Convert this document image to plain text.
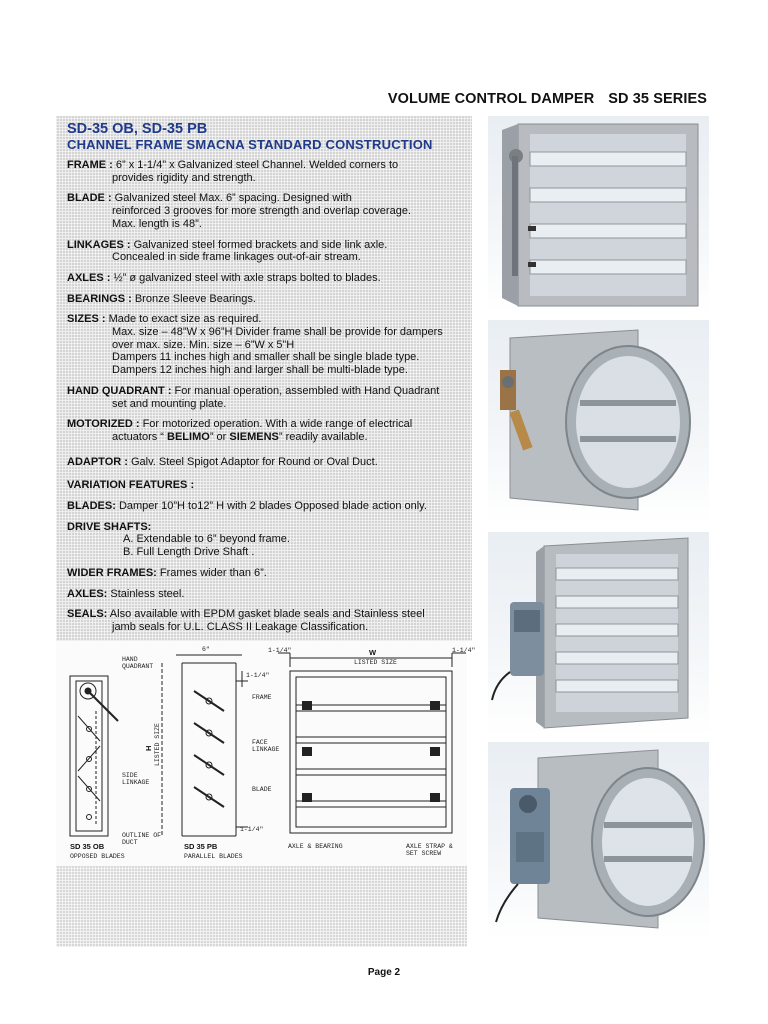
VOLUME CONTROL DAMPER SD 35 SERIES

SD-35 OB, SD-35 PB

CHANNEL FRAME SMACNA STANDARD CONSTRUCTION

FRAME : 6” x 1-1/4” x Galvanized steel Channel. Welded corners to
provides rigidity and strength.
BLADE : Galvanized steel Max. 6” spacing. Designed with
reinforced 3 grooves for more strength and overlap coverage.
Max. length is 48”.
LINKAGES : Galvanized steel formed brackets and side link axle.
Concealed in side frame linkages out-of-air stream.
AXLES : ½” ø galvanized steel with axle straps bolted to blades.
BEARINGS : Bronze Sleeve Bearings.
SIZES : Made to exact size as required.
Max. size – 48”W x 96”H Divider frame shall be provide for dampers
over max. size. Min. size – 6”W x 5”H
Dampers 11 inches high and smaller shall be single blade type.
Dampers 12 inches high and larger shall be multi-blade type.
HAND QUADRANT : For manual operation, assembled with Hand Quadrant
set and mounting plate.
MOTORIZED : For motorized operation. With a wide range of electrical
actuators “ BELIMO” or SIEMENS” readily available.
ADAPTOR : Galv. Steel Spigot Adaptor for Round or Oval Duct.
VARIATION FEATURES :
BLADES: Damper 10”H to12” H with 2 blades Opposed blade action only.
DRIVE SHAFTS:
A. Extendable to 6” beyond frame.
B. Full Length Drive Shaft .
WIDER FRAMES: Frames wider than 6”.
AXLES: Stainless steel.
SEALS: Also available with EPDM gasket blade seals and Stainless steel
jamb seals for U.L. CLASS II Leakage Classification.
HAND
QUADRANT
6"
1-1/4"
FRAME
FACE
LINKAGE
BLADE
1-1/4"
SIDE
LINKAGE
OUTLINE OF
DUCT
LISTED SIZE
H
W
LISTED SIZE
1-1/4"	1-1/4"
AXLE & BEARING	AXLE STRAP &
SET SCREW
SD 35 OB
OPPOSED BLADES
SD 35 PB
PARALLEL BLADES
Page 2
